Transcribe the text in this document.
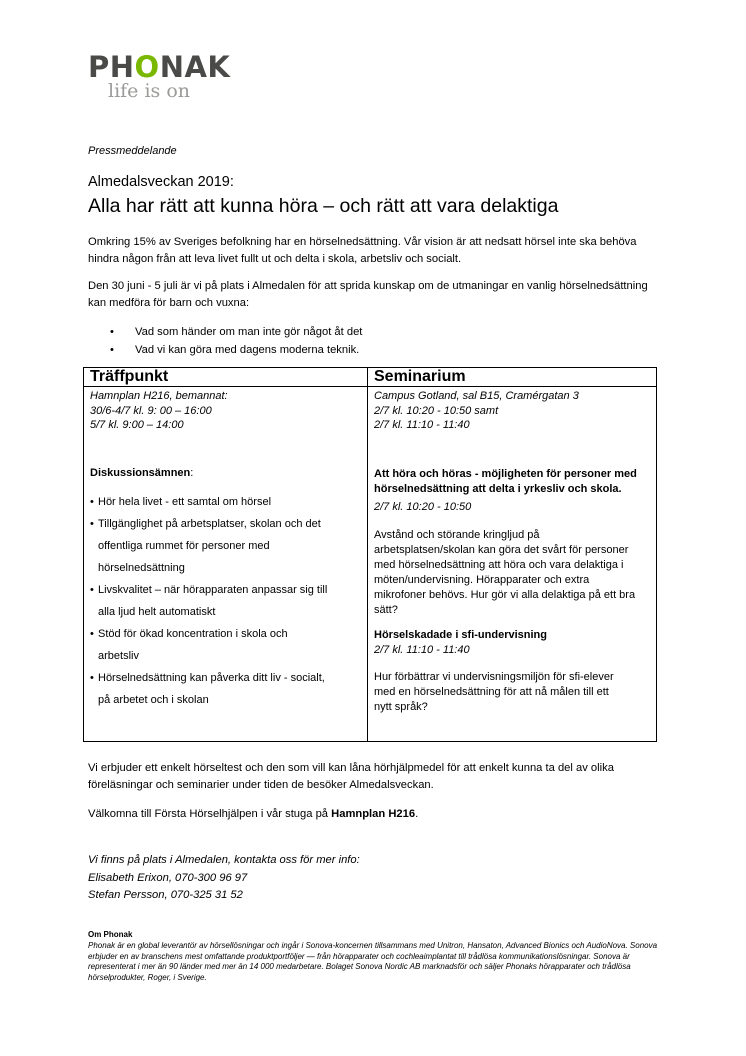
PHONAK
life is on
Pressmeddelande
Almedalsveckan 2019:
Alla har rätt att kunna höra – och rätt att vara delaktiga

Omkring 15% av Sveriges befolkning har en hörselnedsättning. Vår vision är att nedsatt hörsel inte ska behöva hindra någon från att leva livet fullt ut och delta i skola, arbetsliv och socialt.

Den 30 juni - 5 juli är vi på plats i Almedalen för att sprida kunskap om de utmaningar en vanlig hörselnedsättning kan medföra för barn och vuxna:

• Vad som händer om man inte gör något åt det
• Vad vi kan göra med dagens moderna teknik.
Träffpunkt	Seminarium
Hamnplan H216, bemannat:
30/6-4/7 kl. 9: 00 – 16:00
5/7 kl. 9:00 – 14:00
Campus Gotland, sal B15, Cramérgatan 3
2/7 kl. 10:20 - 10:50 samt
2/7 kl. 11:10 - 11:40
Diskussionsämnen:
• Hör hela livet - ett samtal om hörsel
• Tillgänglighet på arbetsplatser, skolan och det
offentliga rummet för personer med
hörselnedsättning
• Livskvalitet – när hörapparaten anpassar sig till
alla ljud helt automatiskt
• Stöd för ökad koncentration i skola och
arbetsliv
• Hörselnedsättning kan påverka ditt liv - socialt,
på arbetet och i skolan
Att höra och höras - möjligheten för personer med hörselnedsättning att delta i yrkesliv och skola.
2/7 kl. 10:20 - 10:50
Avstånd och störande kringljud på arbetsplatsen/skolan kan göra det svårt för personer med hörselnedsättning att höra och vara delaktiga i möten/undervisning. Hörapparater och extra mikrofoner behövs. Hur gör vi alla delaktiga på ett bra sätt?
Hörselskadade i sfi-undervisning
2/7 kl. 11:10 - 11:40
Hur förbättrar vi undervisningsmiljön för sfi-elever med en hörselnedsättning för att nå målen till ett nytt språk?

Vi erbjuder ett enkelt hörseltest och den som vill kan låna hörhjälpmedel för att enkelt kunna ta del av olika föreläsningar och seminarier under tiden de besöker Almedalsveckan.

Välkomna till Första Hörselhjälpen i vår stuga på Hamnplan H216.

Vi finns på plats i Almedalen, kontakta oss för mer info:
Elisabeth Erixon, 070-300 96 97
Stefan Persson, 070-325 31 52
Om Phonak

Phonak är en global leverantör av hörsellösningar och ingår i Sonova-koncernen tillsammans med Unitron, Hansaton, Advanced Bionics och AudioNova. Sonova erbjuder en av branschens mest omfattande produktportföljer — från hörapparater och cochleaimplantat till trådlösa kommunikationslösningar. Sonova är representerat i mer än 90 länder med mer än 14 000 medarbetare. Bolaget Sonova Nordic AB marknadsför och säljer Phonaks hörapparater och trådlösa hörselprodukter, Roger, i Sverige.
